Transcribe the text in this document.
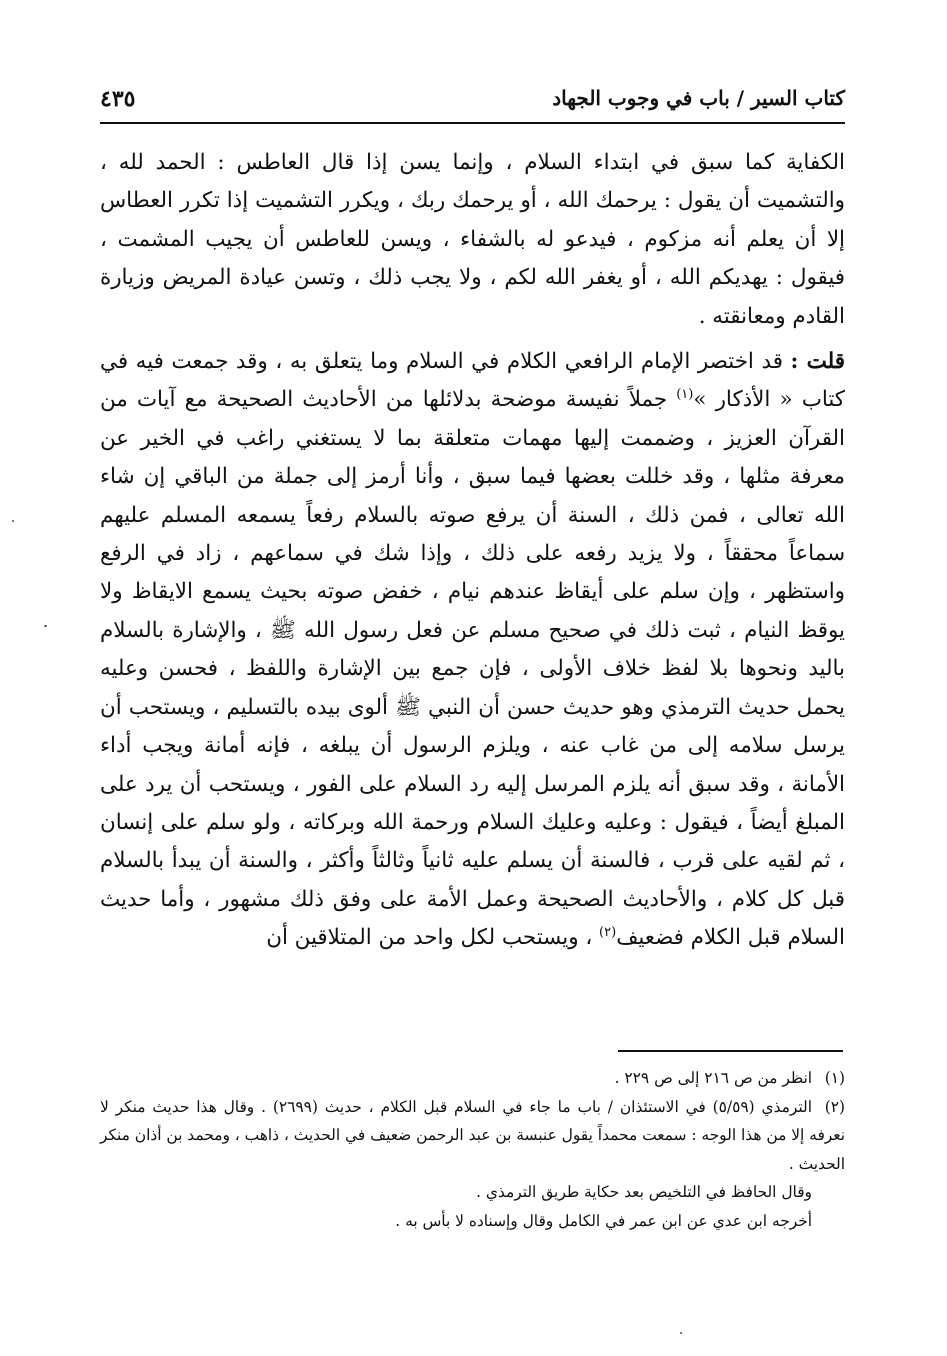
كتاب السير / باب في وجوب الجهاد
٤٣٥

الكفاية كما سبق في ابتداء السلام ، وإنما يسن إذا قال العاطس : الحمد لله ، والتشميت أن يقول : يرحمك الله ، أو يرحمك ربك ، ويكرر التشميت إذا تكرر العطاس إلا أن يعلم أنه مزكوم ، فيدعو له بالشفاء ، ويسن للعاطس أن يجيب المشمت ، فيقول : يهديكم الله ، أو يغفر الله لكم ، ولا يجب ذلك ، وتسن عيادة المريض وزيارة القادم ومعانقته .

قلت : قد اختصر الإمام الرافعي الكلام في السلام وما يتعلق به ، وقد جمعت فيه في كتاب « الأذكار »$^{(١)}$ جملاً نفيسة موضحة بدلائلها من الأحاديث الصحيحة مع آيات من القرآن العزيز ، وضممت إليها مهمات متعلقة بما لا يستغني راغب في الخير عن معرفة مثلها ، وقد خللت بعضها فيما سبق ، وأنا أرمز إلى جملة من الباقي إن شاء الله تعالى ، فمن ذلك ، السنة أن يرفع صوته بالسلام رفعاً يسمعه المسلم عليهم سماعاً محققاً ، ولا يزيد رفعه على ذلك ، وإذا شك في سماعهم ، زاد في الرفع واستظهر ، وإن سلم على أيقاظ عندهم نيام ، خفض صوته بحيث يسمع الايقاظ ولا يوقظ النيام ، ثبت ذلك في صحيح مسلم عن فعل رسول الله ﷺ ، والإشارة بالسلام باليد ونحوها بلا لفظ خلاف الأولى ، فإن جمع بين الإشارة واللفظ ، فحسن وعليه يحمل حديث الترمذي وهو حديث حسن أن النبي ﷺ ألوى بيده بالتسليم ، ويستحب أن يرسل سلامه إلى من غاب عنه ، ويلزم الرسول أن يبلغه ، فإنه أمانة ويجب أداء الأمانة ، وقد سبق أنه يلزم المرسل إليه رد السلام على الفور ، ويستحب أن يرد على المبلغ أيضاً ، فيقول : وعليه وعليك السلام ورحمة الله وبركاته ، ولو سلم على إنسان ، ثم لقيه على قرب ، فالسنة أن يسلم عليه ثانياً وثالثاً وأكثر ، والسنة أن يبدأ بالسلام قبل كل كلام ، والأحاديث الصحيحة وعمل الأمة على وفق ذلك مشهور ، وأما حديث السلام قبل الكلام فضعيف$^{(٢)}$ ، ويستحب لكل واحد من المتلاقين أن

(١)انظر من ص ٢١٦ إلى ص ٢٢٩ .

(٢)الترمذي (٥/٥٩) في الاستئذان / باب ما جاء في السلام قبل الكلام ، حديث (٢٦٩٩) . وقال هذا حديث منكر لا نعرفه إلا من هذا الوجه : سمعت محمداً يقول عنبسة بن عبد الرحمن ضعيف في الحديث ، ذاهب ، ومحمد بن أذان منكر الحديث .

وقال الحافظ في التلخيص بعد حكاية طريق الترمذي .
أخرجه ابن عدي عن ابن عمر في الكامل وقال وإسناده لا بأس به .
